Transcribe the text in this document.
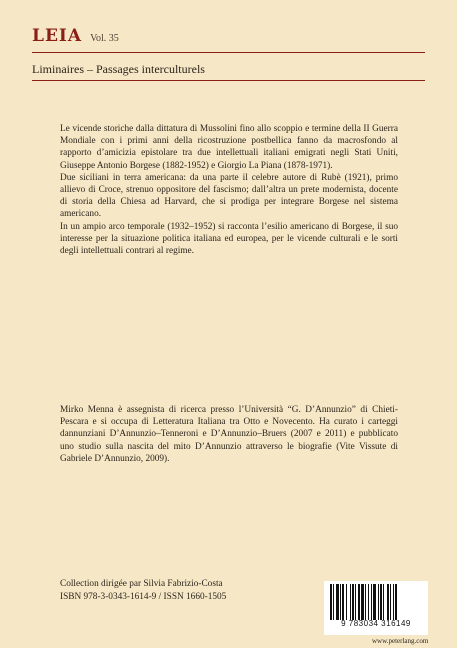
LEIA Vol. 35
Liminaires – Passages interculturels

Le vicende storiche dalla dittatura di Mussolini fino allo scoppio e termine della II Guerra Mondiale con i primi anni della ricostruzione postbellica fanno da macrosfondo al rapporto d’amicizia epistolare tra due intellettuali italiani emigrati negli Stati Uniti, Giuseppe Antonio Borgese (1882-1952) e Giorgio La Piana (1878-1971).

Due siciliani in terra americana: da una parte il celebre autore di Rubè (1921), primo allievo di Croce, strenuo oppositore del fascismo; dall’altra un prete modernista, docente di storia della Chiesa ad Harvard, che si prodiga per integrare Borgese nel sistema americano.

In un ampio arco temporale (1932–1952) si racconta l’esilio americano di Borgese, il suo interesse per la situazione politica italiana ed europea, per le vicende culturali e le sorti degli intellettuali contrari al regime.

Mirko Menna è assegnista di ricerca presso l’Università “G. D’Annunzio” di Chieti-Pescara e si occupa di Letteratura Italiana tra Otto e Novecento. Ha curato i carteggi dannunziani D’Annunzio–Tenneroni e D’Annunzio–Bruers (2007 e 2011) e pubblicato uno studio sulla nascita del mito D’Annunzio attraverso le biografie (Vite Vissute di Gabriele D’Annunzio, 2009).

Collection dirigée par Silvia Fabrizio-Costa
ISBN 978-3-0343-1614-9 / ISSN 1660-1505
9 783034 316149
www.peterlang.com
